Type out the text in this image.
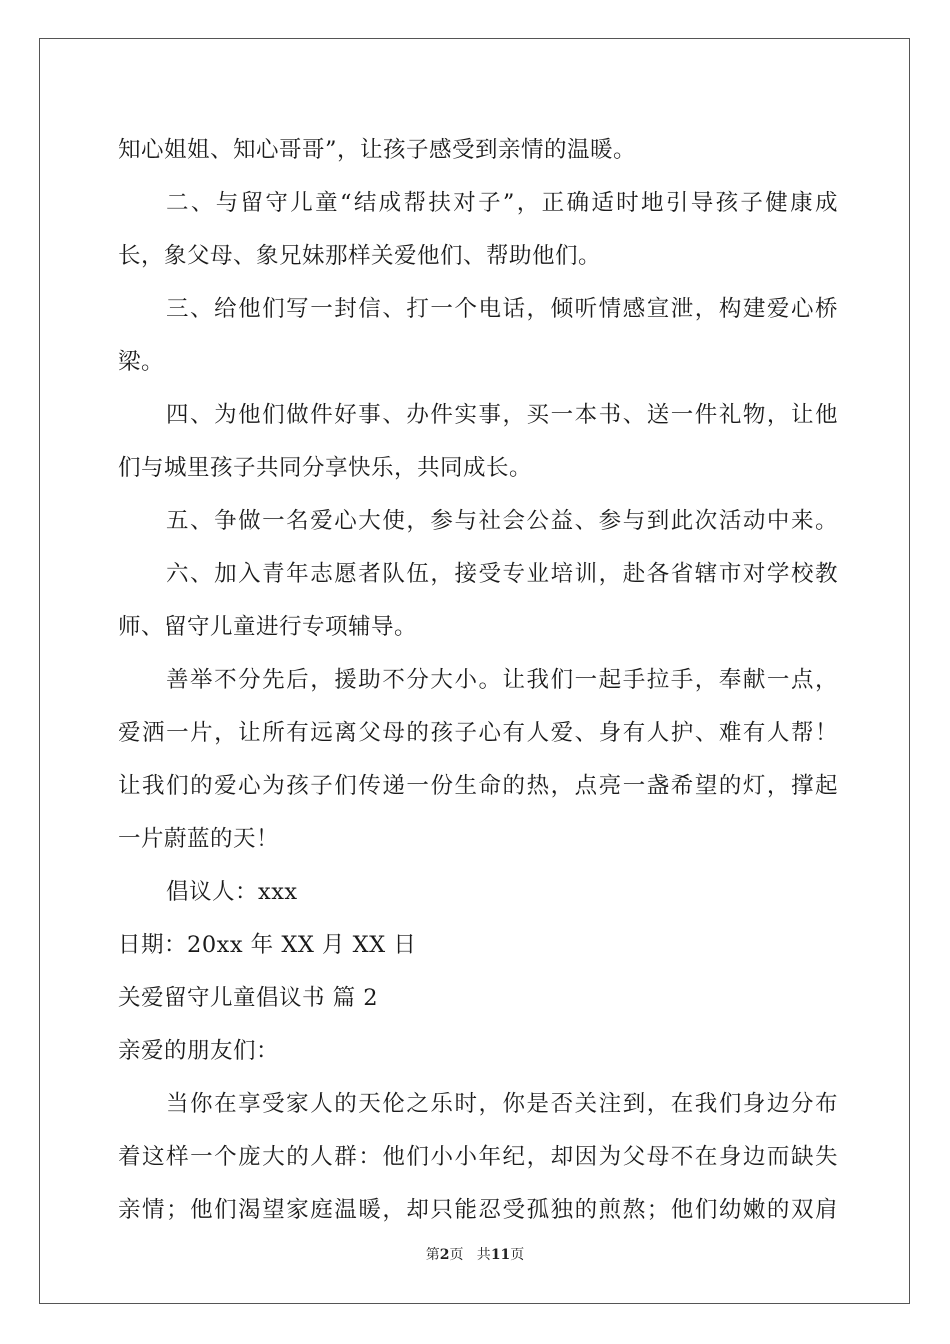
知心姐姐、知心哥哥”，让孩子感受到亲情的温暖。
二、与留守儿童“结成帮扶对子”，正确适时地引导孩子健康成
长，象父母、象兄妹那样关爱他们、帮助他们。
三、给他们写一封信、打一个电话，倾听情感宣泄，构建爱心桥
梁。
四、为他们做件好事、办件实事，买一本书、送一件礼物，让他
们与城里孩子共同分享快乐，共同成长。
五、争做一名爱心大使，参与社会公益、参与到此次活动中来。
六、加入青年志愿者队伍，接受专业培训，赴各省辖市对学校教
师、留守儿童进行专项辅导。
善举不分先后，援助不分大小。让我们一起手拉手，奉献一点，
爱洒一片，让所有远离父母的孩子心有人爱、身有人护、难有人帮！
让我们的爱心为孩子们传递一份生命的热，点亮一盏希望的灯，撑起
一片蔚蓝的天！
倡议人：xxx
日期：20xx 年 XX 月 XX 日
关爱留守儿童倡议书 篇 2
亲爱的朋友们：
当你在享受家人的天伦之乐时，你是否关注到，在我们身边分布
着这样一个庞大的人群：他们小小年纪，却因为父母不在身边而缺失
亲情；他们渴望家庭温暖，却只能忍受孤独的煎熬；他们幼嫩的双肩
第2页   共11页
